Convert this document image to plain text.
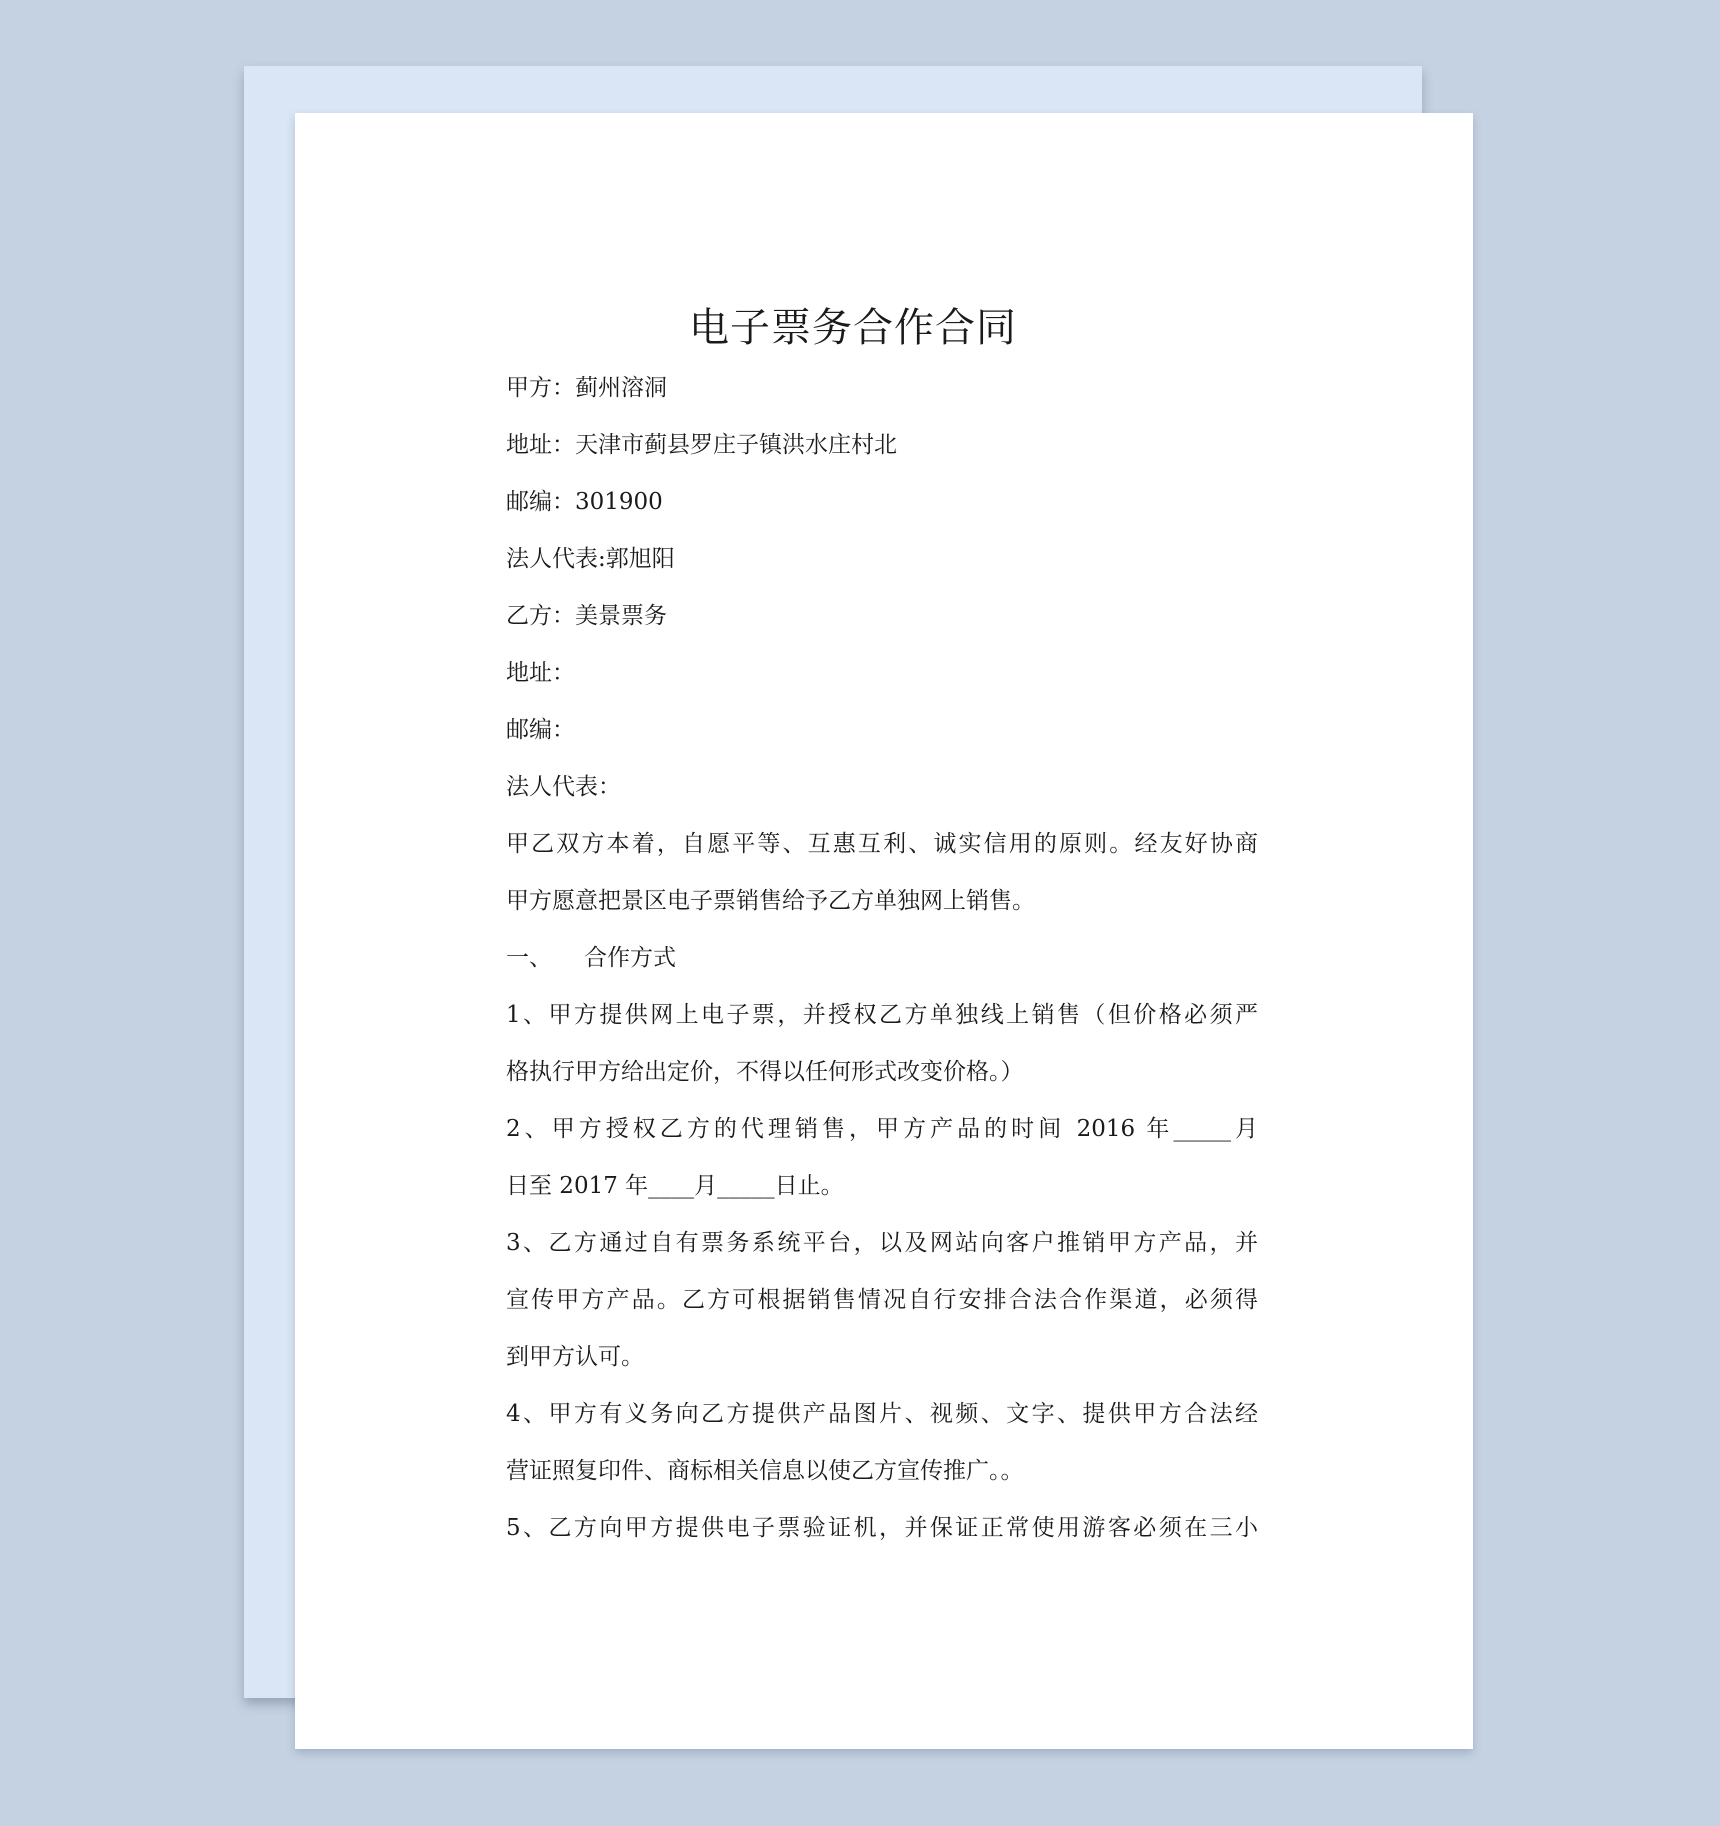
电子票务合作合同

甲方：蓟州溶洞

地址：天津市蓟县罗庄子镇洪水庄村北

邮编：301900

法人代表:郭旭阳

乙方：美景票务

地址：

邮编：

法人代表：

甲乙双方本着，自愿平等、互惠互利、诚实信用的原则。经友好协商

甲方愿意把景区电子票销售给予乙方单独网上销售。

一、 合作方式

1、甲方提供网上电子票，并授权乙方单独线上销售（但价格必须严

格执行甲方给出定价，不得以任何形式改变价格。）

2、甲方授权乙方的代理销售，甲方产品的时间 2016 年_____月

日至 2017 年____月_____日止。

3、乙方通过自有票务系统平台，以及网站向客户推销甲方产品，并

宣传甲方产品。乙方可根据销售情况自行安排合法合作渠道，必须得

到甲方认可。

4、甲方有义务向乙方提供产品图片、视频、文字、提供甲方合法经

营证照复印件、商标相关信息以使乙方宣传推广。。

5、乙方向甲方提供电子票验证机，并保证正常使用游客必须在三小
